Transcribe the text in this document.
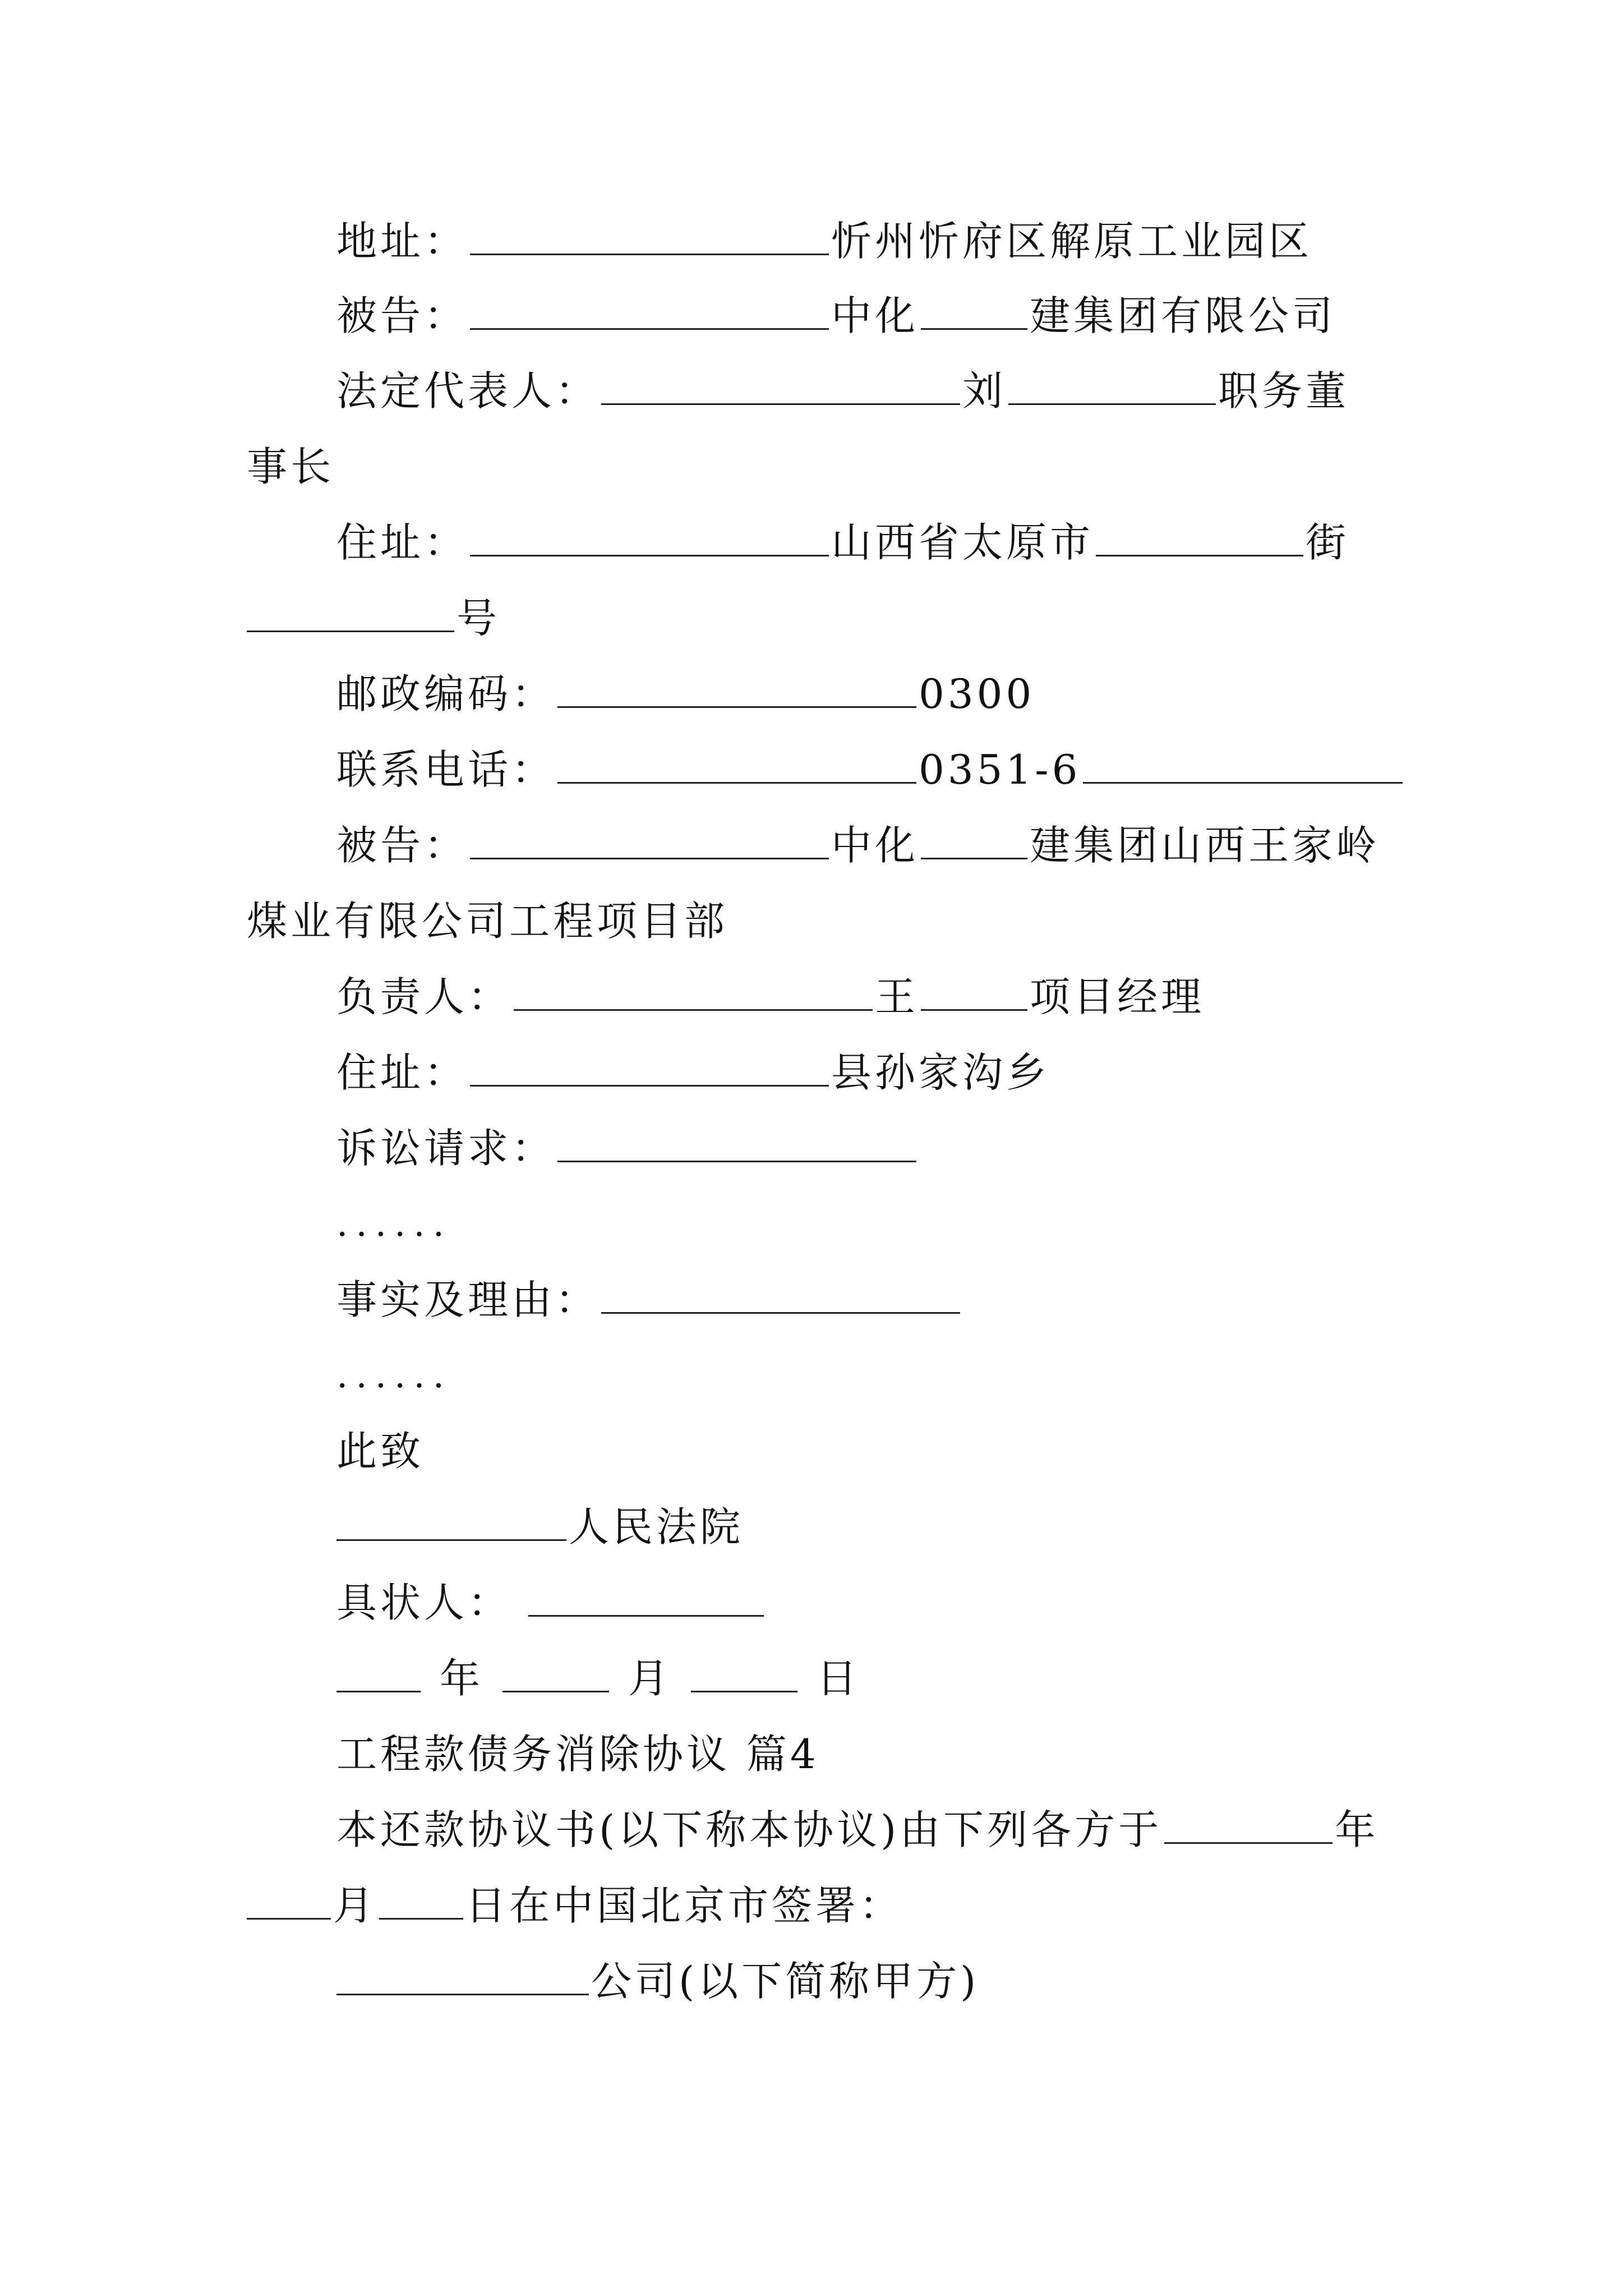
地址：	忻州忻府区解原工业园区
被告：	中化	建集团有限公司
法定代表人：	刘	职务董
事长
住址：	山西省太原市	街
号
邮政编码：	0300
联系电话：	0351-6
被告：	中化	建集团山西王家岭
煤业有限公司工程项目部
负责人：	王	项目经理
住址：	县孙家沟乡
诉讼请求：
......
事实及理由：
......
此致
人民法院
具状人：
年	月	日
工程款债务消除协议 篇4
本还款协议书(以下称本协议)由下列各方于	年
月 日在中国北京市签署：
公司(以下简称甲方)
